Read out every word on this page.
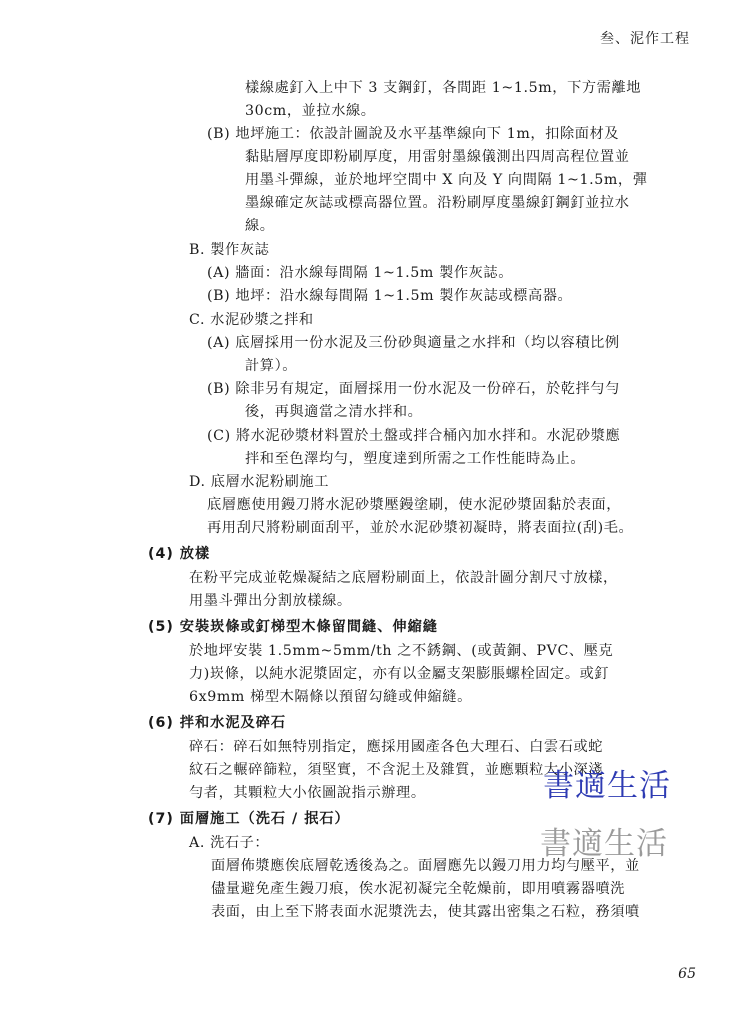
叁、泥作工程
樣線處釘入上中下 3 支鋼釘，各間距 1~1.5m，下方需離地
30cm，並拉水線。
(B) 地坪施工：依設計圖說及水平基準線向下 1m，扣除面材及
黏貼層厚度即粉刷厚度，用雷射墨線儀測出四周高程位置並
用墨斗彈線，並於地坪空間中 X 向及 Y 向間隔 1~1.5m，彈
墨線確定灰誌或標高器位置。沿粉刷厚度墨線釘鋼釘並拉水
線。
B. 製作灰誌
(A) 牆面：沿水線每間隔 1~1.5m 製作灰誌。
(B) 地坪：沿水線每間隔 1~1.5m 製作灰誌或標高器。
C. 水泥砂漿之拌和
(A) 底層採用一份水泥及三份砂與適量之水拌和（均以容積比例
計算）。
(B) 除非另有規定，面層採用一份水泥及一份碎石，於乾拌勻勻
後，再與適當之清水拌和。
(C) 將水泥砂漿材料置於土盤或拌合桶內加水拌和。水泥砂漿應
拌和至色澤均勻，塑度達到所需之工作性能時為止。
D. 底層水泥粉刷施工
底層應使用鏝刀將水泥砂漿壓鏝塗刷，使水泥砂漿固黏於表面，
再用刮尺將粉刷面刮平，並於水泥砂漿初凝時，將表面拉(刮)毛。
(4) 放樣
在粉平完成並乾燥凝結之底層粉刷面上，依設計圖分割尺寸放樣，
用墨斗彈出分割放樣線。
(5) 安裝崁條或釘梯型木條留間縫、伸縮縫
於地坪安裝 1.5mm~5mm/th 之不銹鋼、(或黃銅、PVC、壓克
力)崁條，以純水泥漿固定，亦有以金屬支架膨脹螺栓固定。或釘
6x9mm 梯型木隔條以預留勾縫或伸縮縫。
(6) 拌和水泥及碎石
碎石：碎石如無特別指定，應採用國產各色大理石、白雲石或蛇
紋石之輾碎篩粒，須堅實，不含泥土及雜質，並應顆粒大小深淺
勻者，其顆粒大小依圖說指示辦理。
(7) 面層施工（洗石 / 抿石）
A. 洗石子：
面層佈漿應俟底層乾透後為之。面層應先以鏝刀用力均勻壓平，並
儘量避免產生鏝刀痕，俟水泥初凝完全乾燥前，即用噴霧器噴洗
表面，由上至下將表面水泥漿洗去，使其露出密集之石粒，務須噴
書適生活
書適生活
65
